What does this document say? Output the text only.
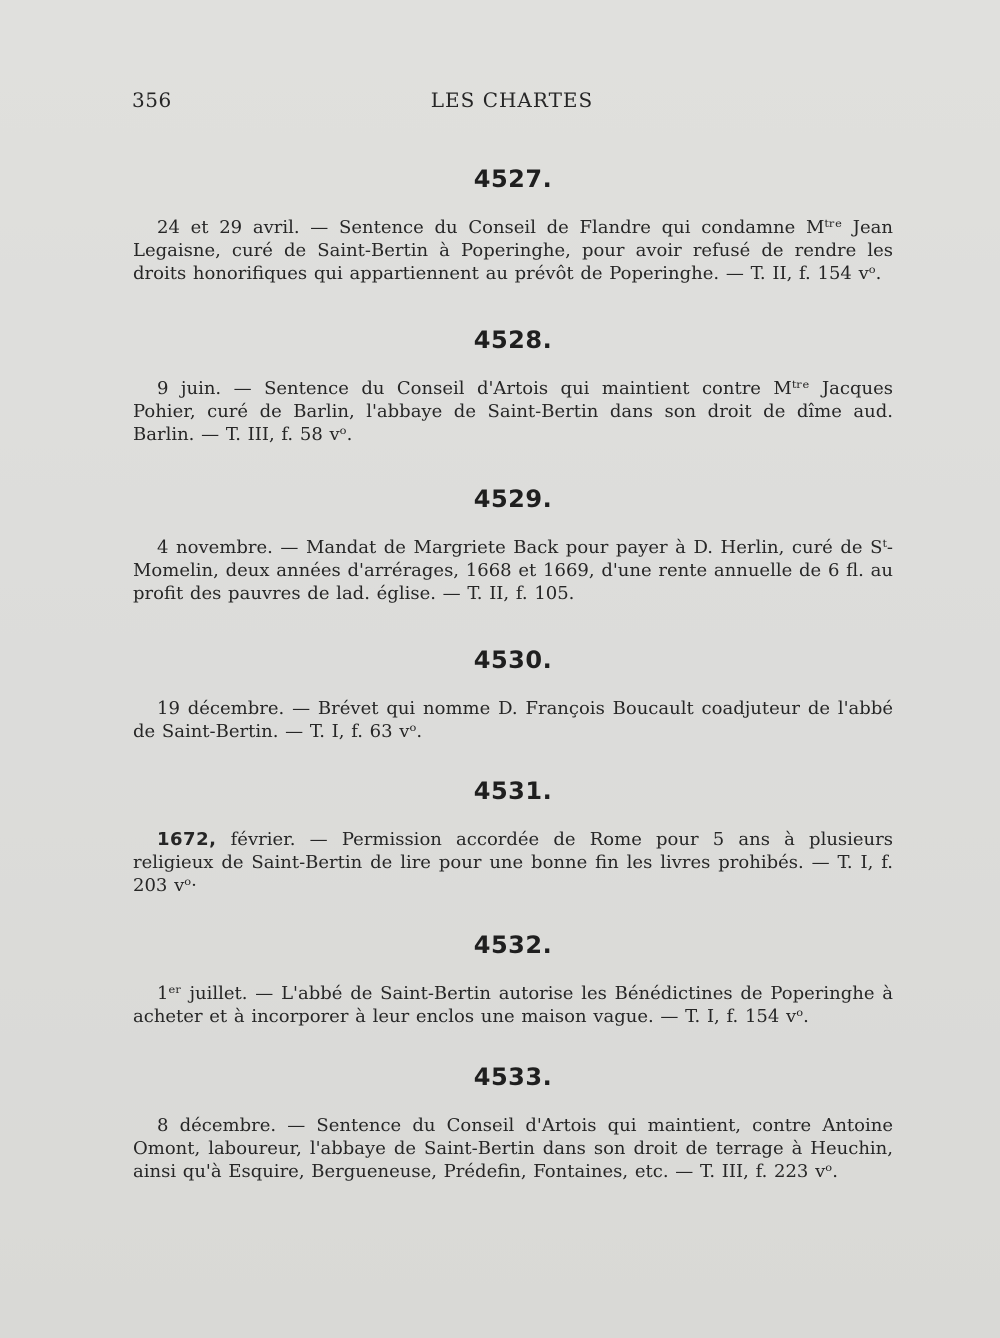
356	LES CHARTES
4527.

24 et 29 avril. — Sentence du Conseil de Flandre qui condamne Mᵗʳᵉ Jean Legaisne, curé de Saint-Bertin à Poperinghe, pour avoir refusé de rendre les droits honorifiques qui appartiennent au prévôt de Poperinghe. — T. II, f. 154 vᵒ.

4528.

9 juin. — Sentence du Conseil d'Artois qui maintient contre Mᵗʳᵉ Jacques Pohier, curé de Barlin, l'abbaye de Saint-Bertin dans son droit de dîme aud. Barlin. — T. III, f. 58 vᵒ.

4529.

4 novembre. — Mandat de Margriete Back pour payer à D. Herlin, curé de Sᵗ-Momelin, deux années d'arrérages, 1668 et 1669, d'une rente annuelle de 6 fl. au profit des pauvres de lad. église. — T. II, f. 105.

4530.

19 décembre. — Brévet qui nomme D. François Boucault coadjuteur de l'abbé de Saint-Bertin. — T. I, f. 63 vᵒ.

4531.

1672, février. — Permission accordée de Rome pour 5 ans à plusieurs religieux de Saint-Bertin de lire pour une bonne fin les livres prohibés. — T. I, f. 203 vᵒ·

4532.

1ᵉʳ juillet. — L'abbé de Saint-Bertin autorise les Bénédictines de Poperinghe à acheter et à incorporer à leur enclos une maison vague. — T. I, f. 154 vᵒ.

4533.

8 décembre. — Sentence du Conseil d'Artois qui maintient, contre Antoine Omont, laboureur, l'abbaye de Saint-Bertin dans son droit de terrage à Heuchin, ainsi qu'à Esquire, Bergueneuse, Prédefin, Fontaines, etc. — T. III, f. 223 vᵒ.
